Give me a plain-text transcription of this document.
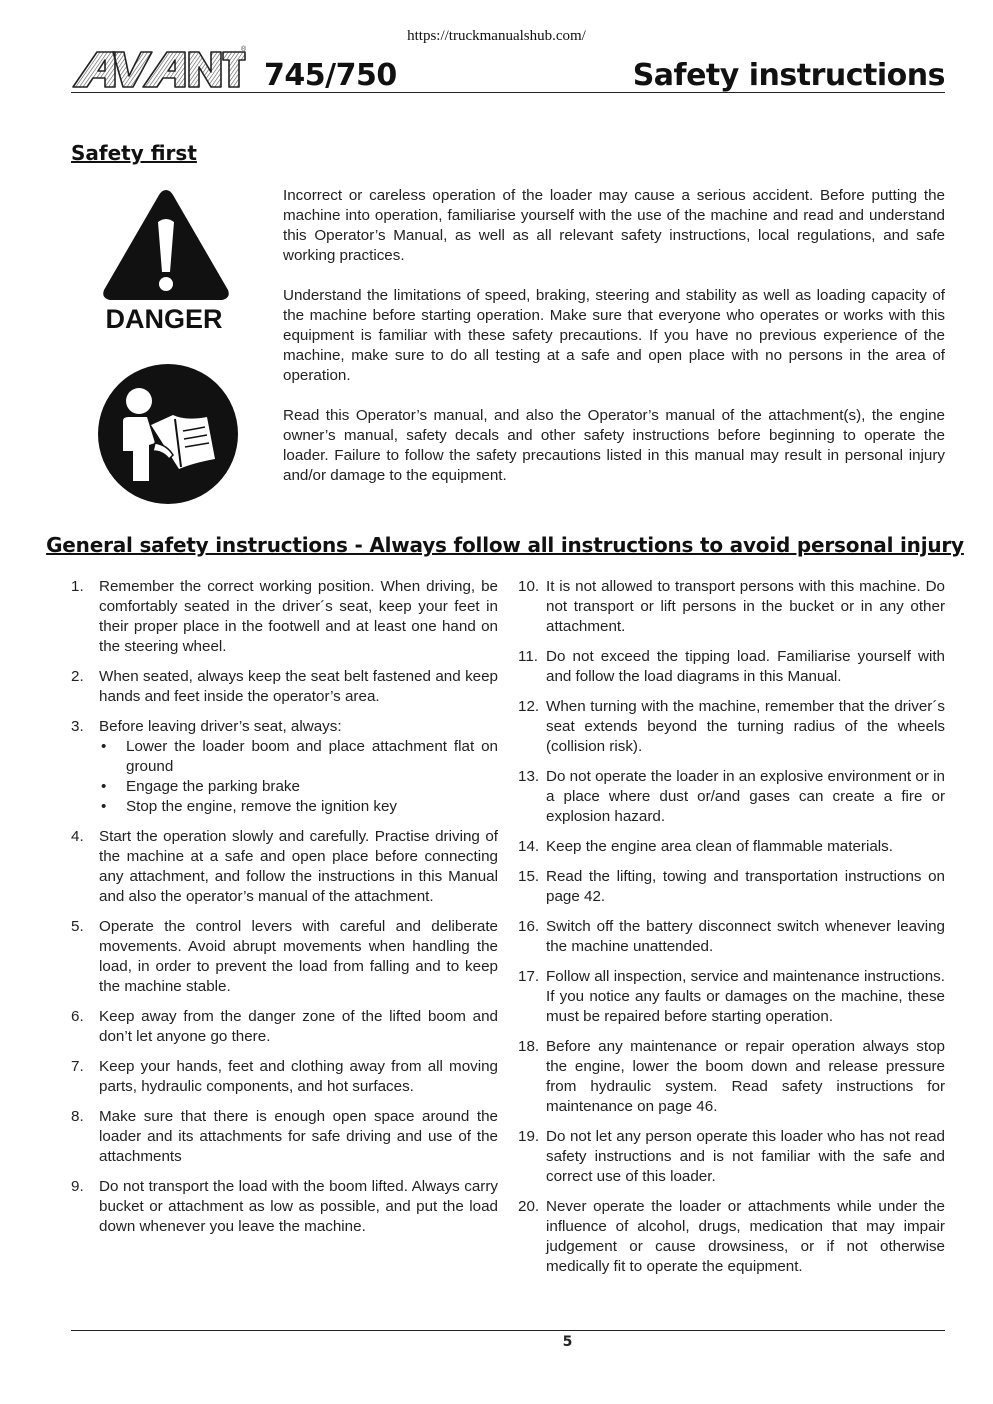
https://truckmanualshub.com/
®
745/750	Safety instructions
Safety first
DANGER

Incorrect or careless operation of the loader may cause a serious accident. Before putting the machine into operation, familiarise yourself with the use of the machine and read and understand this Operator’s Manual, as well as all relevant safety instructions, local regulations, and safe working practices.

Understand the limitations of speed, braking, steering and stability as well as loading capacity of the machine before starting operation. Make sure that everyone who operates or works with this equipment is familiar with these safety precautions. If you have no previous experience of the machine, make sure to do all testing at a safe and open place with no persons in the area of operation.

Read this Operator’s manual, and also the Operator’s manual of the attachment(s), the engine owner’s manual, safety decals and other safety instructions before beginning to operate the loader. Failure to follow the safety precautions listed in this manual may result in personal injury and/or damage to the equipment.

General safety instructions - Always follow all instructions to avoid personal injury
1. Remember the correct working position. When driving, be comfortably seated in the driver´s seat, keep your feet in their proper place in the footwell and at least one hand on the steering wheel.
2. When seated, always keep the seat belt fastened and keep hands and feet inside the operator’s area.
3. Before leaving driver’s seat, always:
• Lower the loader boom and place attachment flat on ground
• Engage the parking brake
• Stop the engine, remove the ignition key
4. Start the operation slowly and carefully. Practise driving of the machine at a safe and open place before connecting any attachment, and follow the instructions in this Manual and also the operator’s manual of the attachment.
5. Operate the control levers with careful and deliberate movements. Avoid abrupt movements when handling the load, in order to prevent the load from falling and to keep the machine stable.
6. Keep away from the danger zone of the lifted boom and don’t let anyone go there.
7. Keep your hands, feet and clothing away from all moving parts, hydraulic components, and hot surfaces.
8. Make sure that there is enough open space around the loader and its attachments for safe driving and use of the attachments
9. Do not transport the load with the boom lifted. Always carry bucket or attachment as low as possible, and put the load down whenever you leave the machine.
10. It is not allowed to transport persons with this machine. Do not transport or lift persons in the bucket or in any other attachment.
11. Do not exceed the tipping load. Familiarise yourself with and follow the load diagrams in this Manual.
12. When turning with the machine, remember that the driver´s seat extends beyond the turning radius of the wheels (collision risk).
13. Do not operate the loader in an explosive environment or in a place where dust or/and gases can create a fire or explosion hazard.
14. Keep the engine area clean of flammable materials.
15. Read the lifting, towing and transportation instructions on page 42.
16. Switch off the battery disconnect switch whenever leaving the machine unattended.
17. Follow all inspection, service and maintenance instructions. If you notice any faults or damages on the machine, these must be repaired before starting operation.
18. Before any maintenance or repair operation always stop the engine, lower the boom down and release pressure from hydraulic system. Read safety instructions for maintenance on page 46.
19. Do not let any person operate this loader who has not read safety instructions and is not familiar with the safe and correct use of this loader.
20. Never operate the loader or attachments while under the influence of alcohol, drugs, medication that may impair judgement or cause drowsiness, or if not otherwise medically fit to operate the equipment.
5
